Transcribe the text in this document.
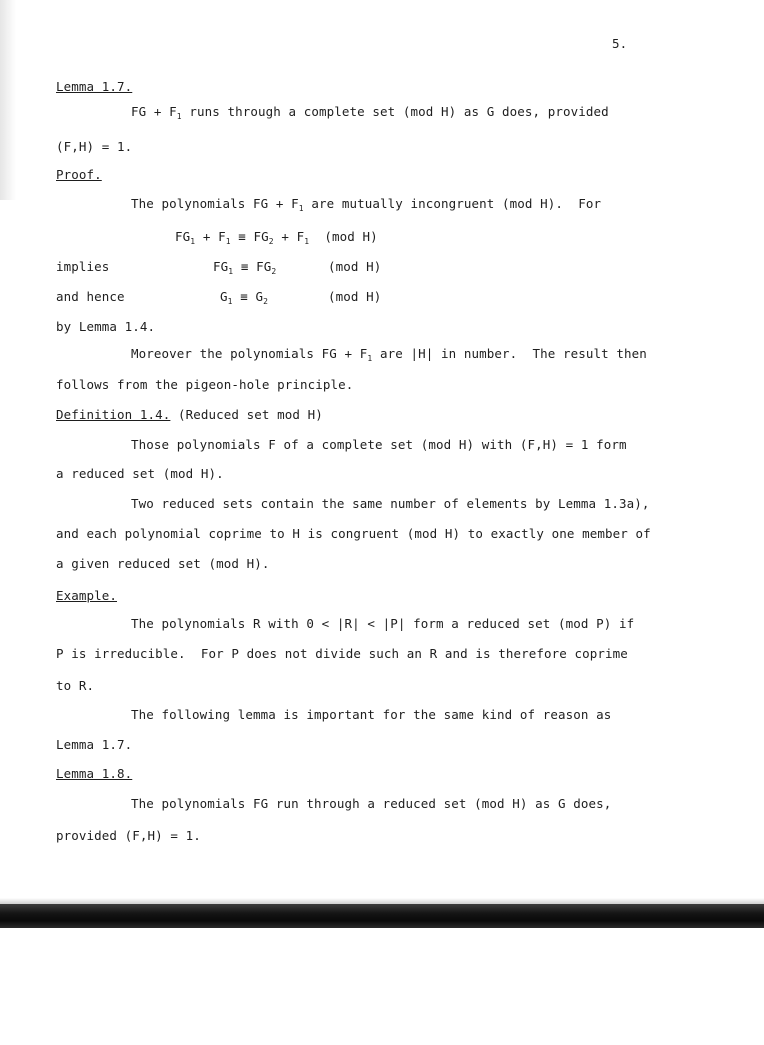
5.
Lemma 1.7.
FG + $F_1$ runs through a complete set (mod H) as G does, provided
(F,H) = 1.
Proof.
The polynomials FG + $F_1$ are mutually incongruent (mod H).  For
$FG_1 + F_1 \equiv FG_2 + F_1$  (mod H)
implies	$FG_1 \equiv FG_2$	(mod H)
and hence	$G_1 \equiv G_2$	(mod H)
by Lemma 1.4.
Moreover the polynomials FG + $F_1$ are |H| in number.  The result then
follows from the pigeon-hole principle.
Definition 1.4. (Reduced set mod H)
Those polynomials F of a complete set (mod H) with (F,H) = 1 form
a reduced set (mod H).
Two reduced sets contain the same number of elements by Lemma 1.3a),
and each polynomial coprime to H is congruent (mod H) to exactly one member of
a given reduced set (mod H).
Example.
The polynomials R with 0 < |R| < |P| form a reduced set (mod P) if
P is irreducible.  For P does not divide such an R and is therefore coprime
to R.
The following lemma is important for the same kind of reason as
Lemma 1.7.
Lemma 1.8.
The polynomials FG run through a reduced set (mod H) as G does,
provided (F,H) = 1.
